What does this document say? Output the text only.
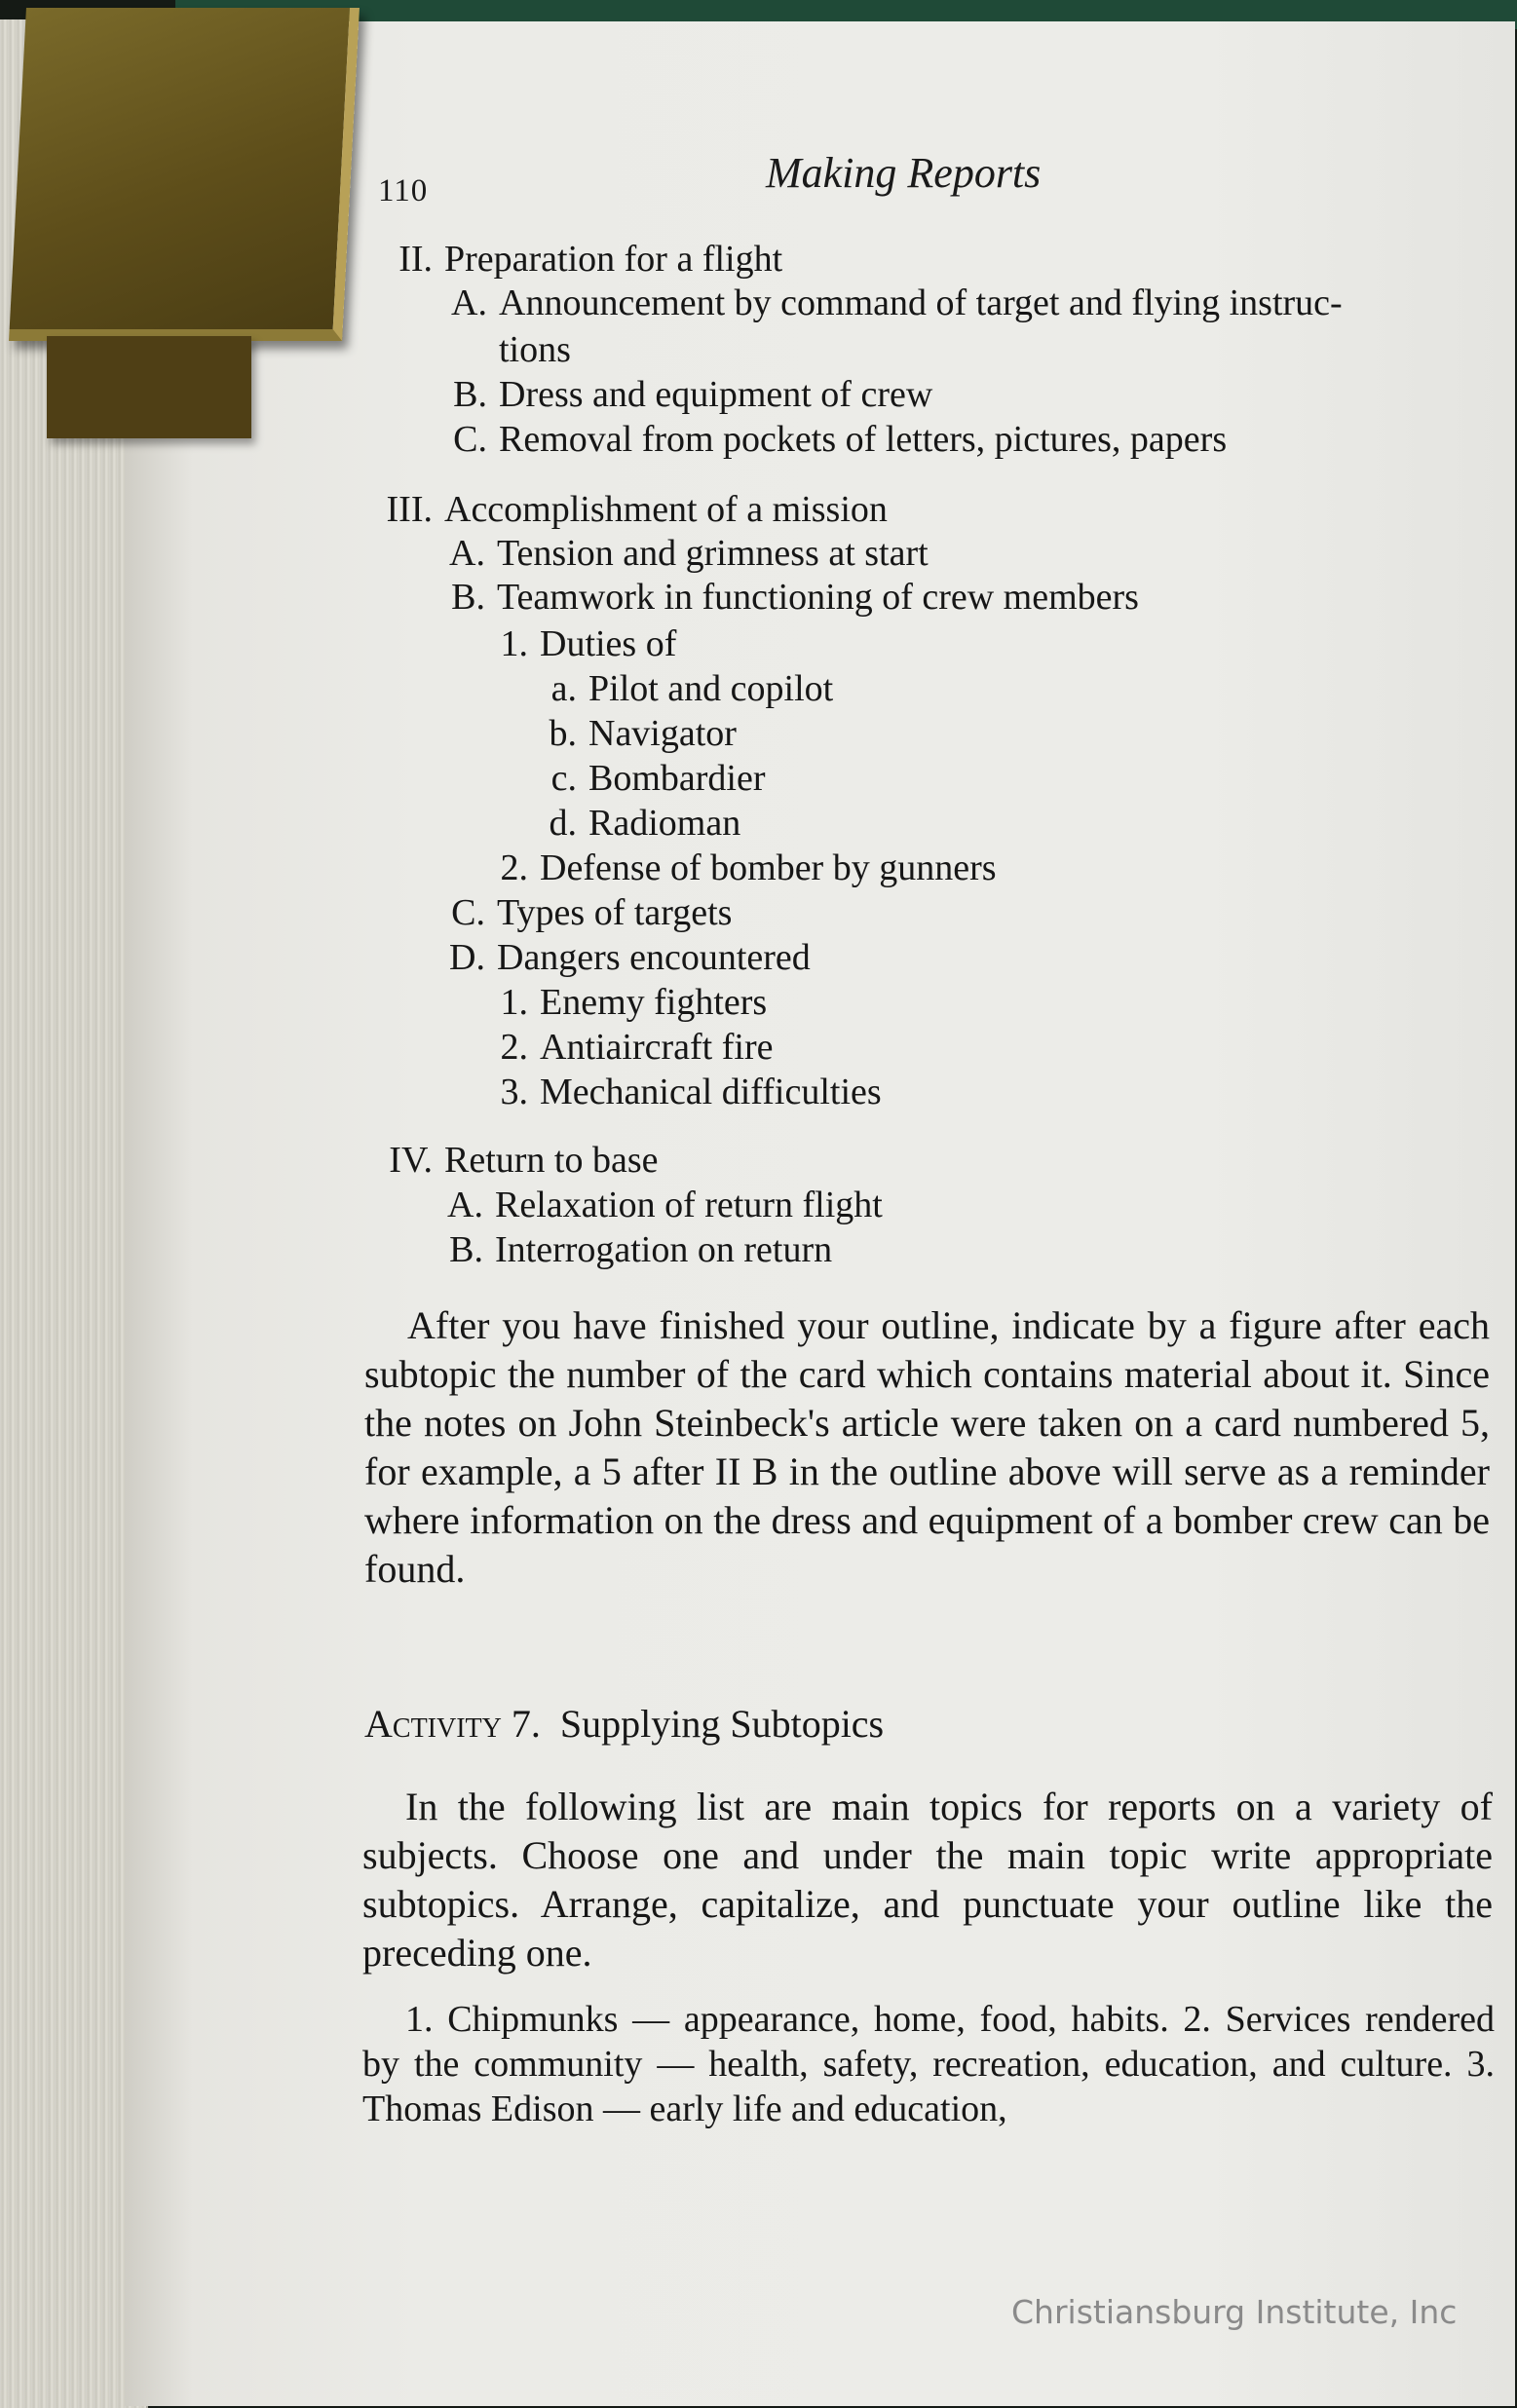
110	Making Reports
II. Preparation for a flight
A. Announcement by command of target and flying instruc-
tions
B. Dress and equipment of crew
C. Removal from pockets of letters, pictures, papers
III. Accomplishment of a mission
A. Tension and grimness at start
B. Teamwork in functioning of crew members
1. Duties of
a. Pilot and copilot
b. Navigator
c. Bombardier
d. Radioman
2. Defense of bomber by gunners
C. Types of targets
D. Dangers encountered
1. Enemy fighters
2. Antiaircraft fire
3. Mechanical difficulties
IV. Return to base
A. Relaxation of return flight
B. Interrogation on return
After you have finished your outline, indicate by a figure after each subtopic the number of the card which contains material about it. Since the notes on John Steinbeck's article were taken on a card numbered 5, for example, a 5 after II B in the outline above will serve as a reminder where information on the dress and equipment of a bomber crew can be found.
Activity 7. Supplying Subtopics
In the following list are main topics for reports on a variety of subjects. Choose one and under the main topic write appropriate subtopics. Arrange, capitalize, and punctuate your outline like the preceding one.
1. Chipmunks — appearance, home, food, habits. 2. Services rendered by the community — health, safety, recreation, education, and culture. 3. Thomas Edison — early life and education,
Christiansburg Institute, Inc
